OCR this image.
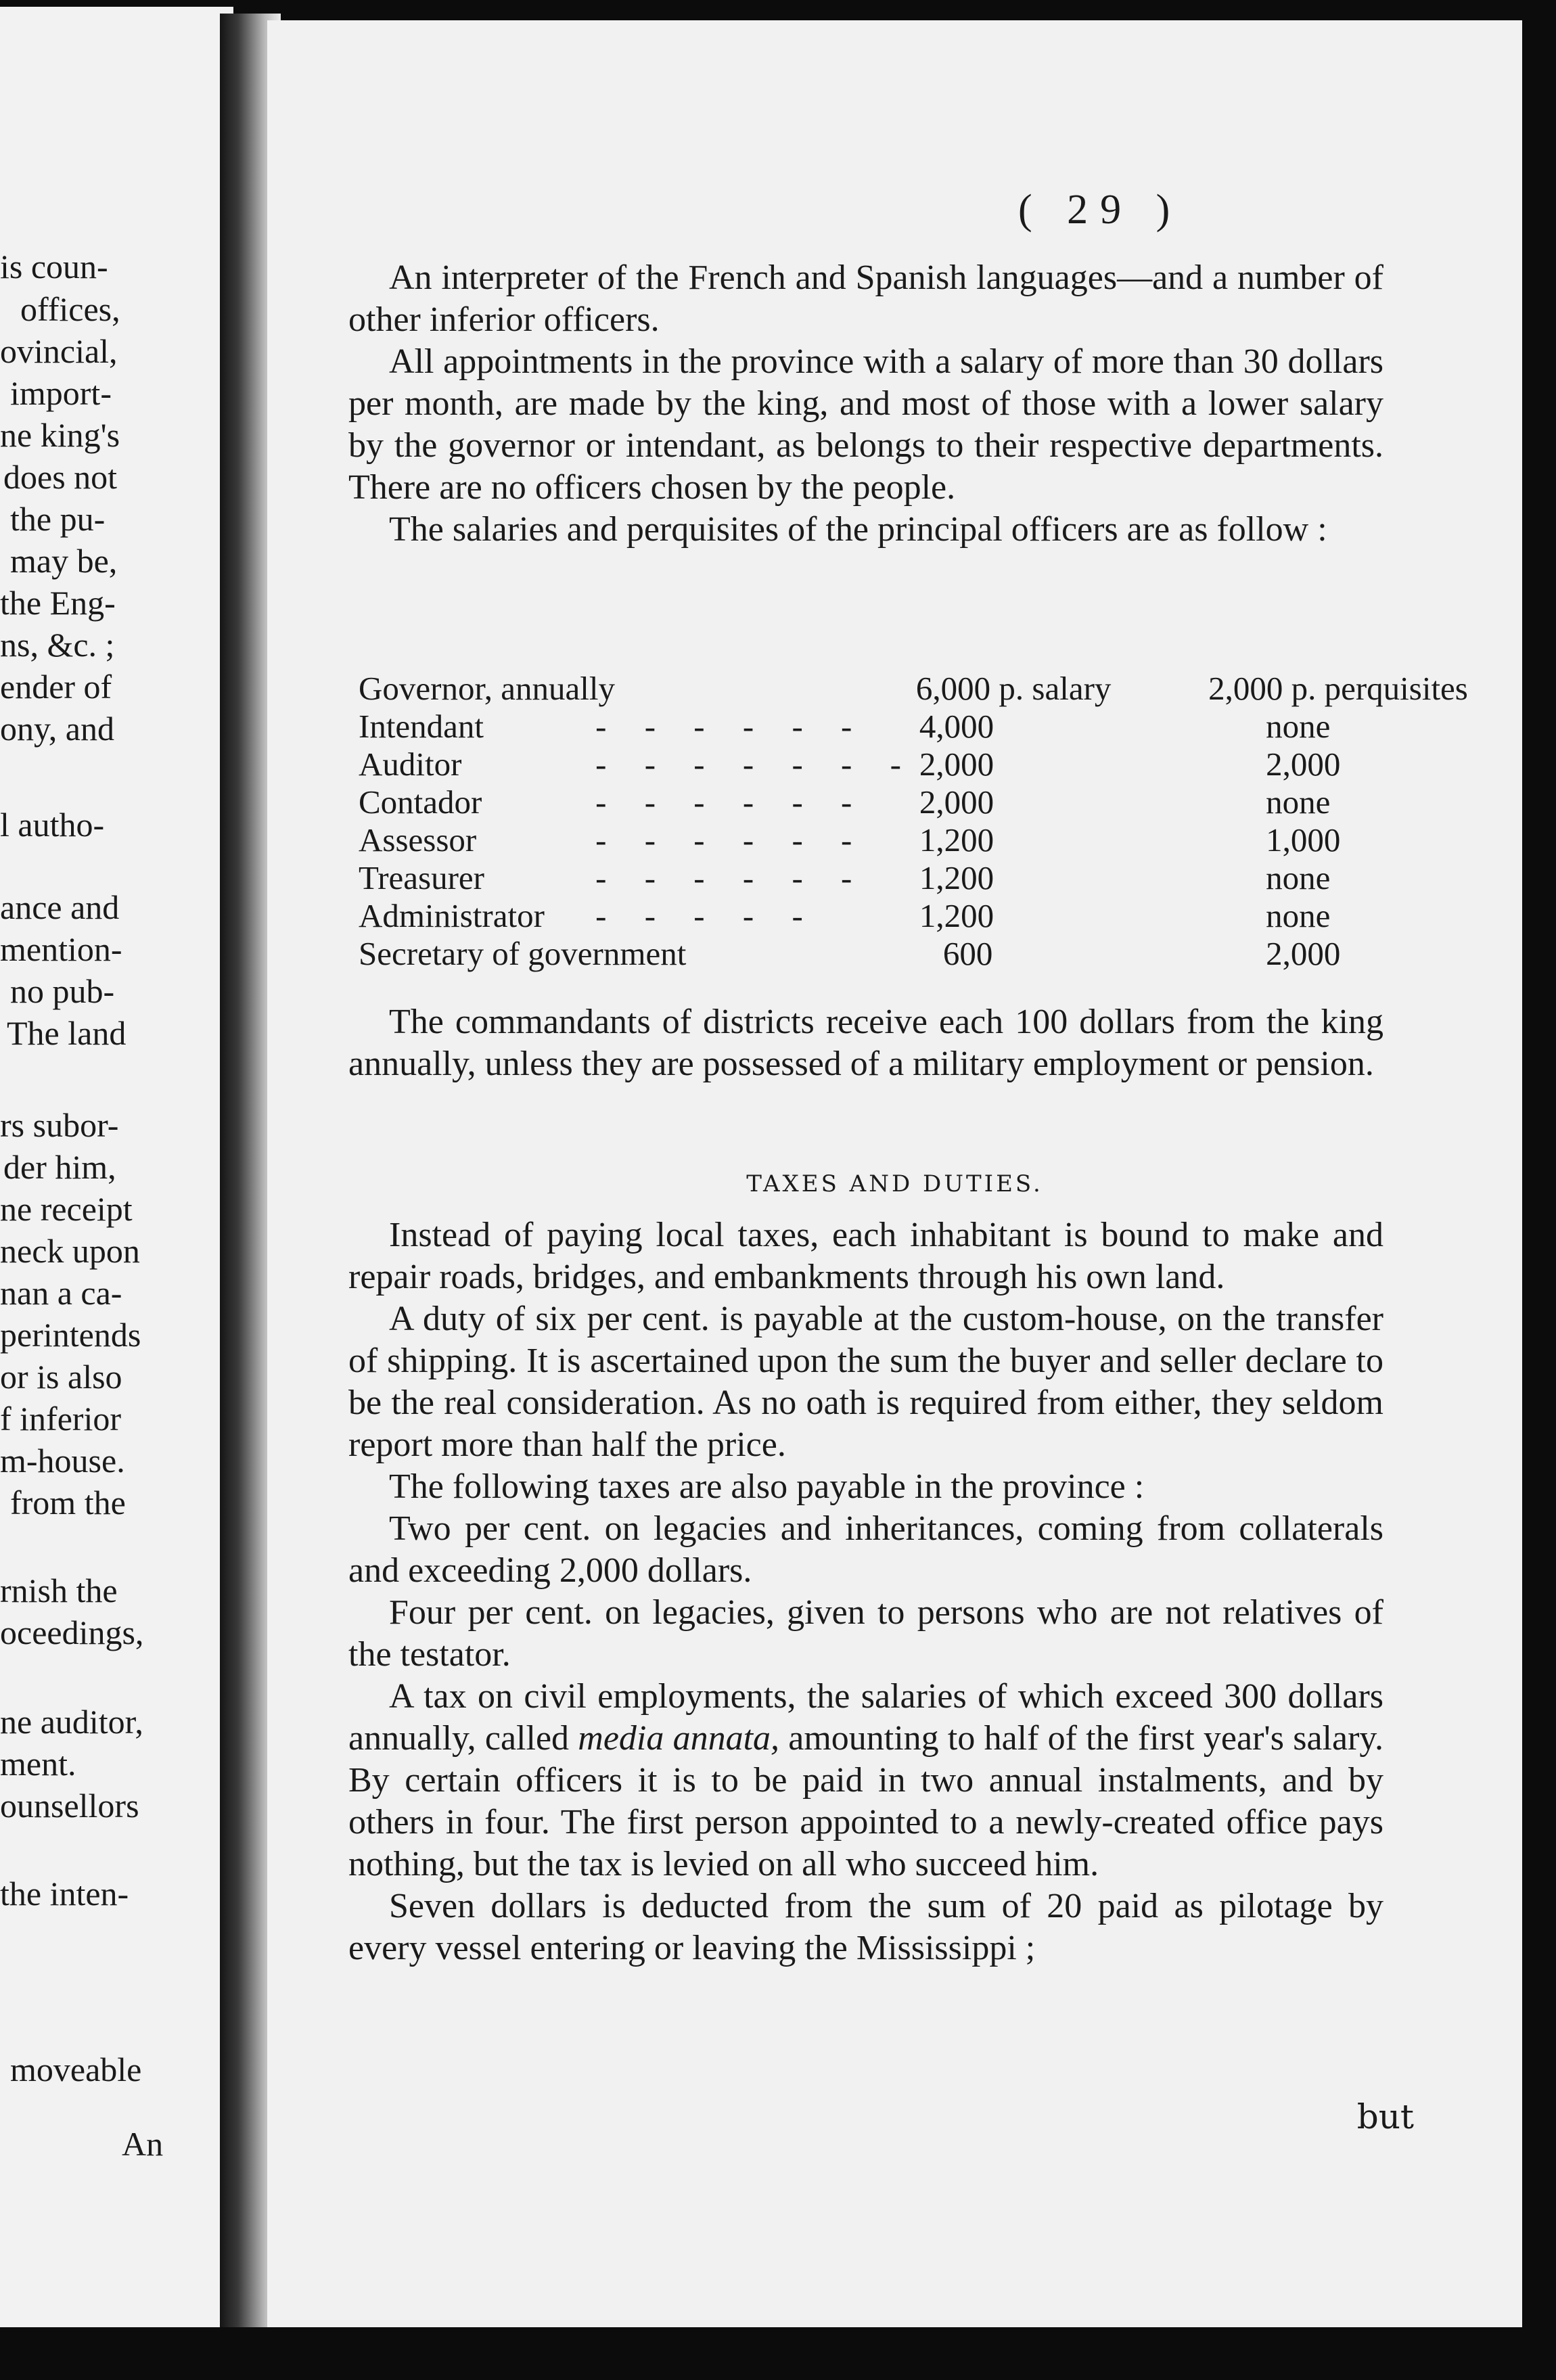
is coun-
offices,
ovincial,
import-
ne king's
does not
the pu-
may be,
the Eng-
ns, &c. ;
ender of
ony, and
l autho-
ance and
mention-
no pub-
The land
rs subor-
der him,
ne receipt
neck upon
nan a ca-
perintends
or is also
f inferior
m-house.
from the
rnish the
oceedings,
ne auditor,
ment.
ounsellors
the inten-
moveable
An
( 29 )

An interpreter of the French and Spanish languages—and a number of other inferior officers.

All appointments in the province with a salary of more than 30 dollars per month, are made by the king, and most of those with a lower salary by the governor or intendant, as belongs to their respective departments. There are no officers chosen by the people.

The salaries and perquisites of the principal officers are as follow :

Governor, annually		6,000 p. salary	2,000 p. perquisites
Intendant	- - - - - -	4,000	none
Auditor	- - - - - - -	2,000	2,000
Contador	- - - - - -	2,000	none
Assessor	- - - - - -	1,200	1,000
Treasurer	- - - - - -	1,200	none
Administrator	- - - - -	1,200	none
Secretary of government		600	2,000

The commandants of districts receive each 100 dollars from the king annually, unless they are possessed of a military employment or pension.

TAXES AND DUTIES.

Instead of paying local taxes, each inhabitant is bound to make and repair roads, bridges, and embankments through his own land.

A duty of six per cent. is payable at the custom-house, on the transfer of shipping. It is ascertained upon the sum the buyer and seller declare to be the real consideration. As no oath is required from either, they seldom report more than half the price.

The following taxes are also payable in the province :

Two per cent. on legacies and inheritances, coming from collaterals and exceeding 2,000 dollars.

Four per cent. on legacies, given to persons who are not relatives of the testator.

A tax on civil employments, the salaries of which exceed 300 dollars annually, called media annata, amounting to half of the first year's salary. By certain officers it is to be paid in two annual instalments, and by others in four. The first person appointed to a newly-created office pays nothing, but the tax is levied on all who succeed him.

Seven dollars is deducted from the sum of 20 paid as pilotage by every vessel entering or leaving the Mississippi ;

but
